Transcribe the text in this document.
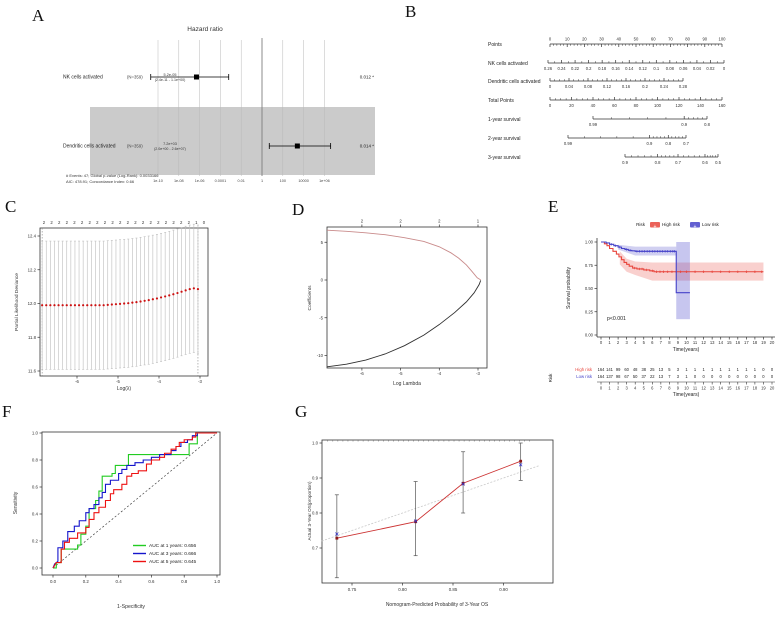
Hazard ratio
1e-10	1e-08	1e-06	0.0001	0.01	1	100	10000	1e+06
# Events: 47; Global p-value (Log-Rank): 0.0033166
AIC: 478.91; Concordance Index: 0.66
NK cells activated	(N=359)	5.2e-05
(2.4e-11 - 1.1e+00)
0.012 *
Dendritic cells activated	(N=359)	7.2e+03
(2.0e+00 - 2.6e+07)
0.014 *
Points
0	10	20	30	40	50	60	70	80	90	100
NK cells activated
0.26 0.24 0.22 0.2 0.18 0.16 0.14 0.12 0.1 0.08 0.06 0.04 0.02 0
Dendritic cells activated
0	0.04	0.08	0.12	0.16	0.2	0.24	0.28
Total Points
0	20	40	60	80	100	120	140	160
1-year survival
0.99	0.9	0.8
2-year survival
0.99	0.9	0.8	0.7
3-year survival
0.9	0.8	0.7	0.6 0.5
11.6
11.8
12.0
12.2
12.4
-6	-5	-4	-3
2 2 2 2 2 2 2 2 2 2 2 2 2 2 2 2 2 2 2 2 1 0
Partial Likelihood Deviance
Log(λ)
5
0
-5
-10
-6
2
-5
2
-4
2
-3
1
Coefficients
Log Lambda
0.00
0.25
0.50
0.75
1.00
0 1 2 3 4 5 6 7 8 9 10 11 12 13 14 15 16 17 18 19 20
p<0.001
Time(years)
Survival probability
Risk + High risk	+ Low risk
Risk
High risk 164 141 99 60 48 38 25 13 5 3 1 1 1 1 1 1 1 1 1 0 0
Low risk 164 137 98 67 50 37 22 13 7 3 1 0 0 0 0 0 0 0 0 0 0
0 1 2 3 4 5 6 7 8 9 10 11 12 13 14 15 16 17 18 19 20
Time(years)
0.0
0.0
0.2
0.2
0.4
0.4
0.6
0.6
0.8
0.8
1.0
1.0
Sensitivity
1-Specificity
AUC at 1 years: 0.656
AUC at 3 years: 0.666
AUC at 5 years: 0.645
0.7
0.8
0.9
1.0
0.75	0.80	0.85	0.90
Actual 3-Year OS(proportion)
Nomogram-Predicted Probability of 3-Year OS
A	B
C	D	E
F	G
